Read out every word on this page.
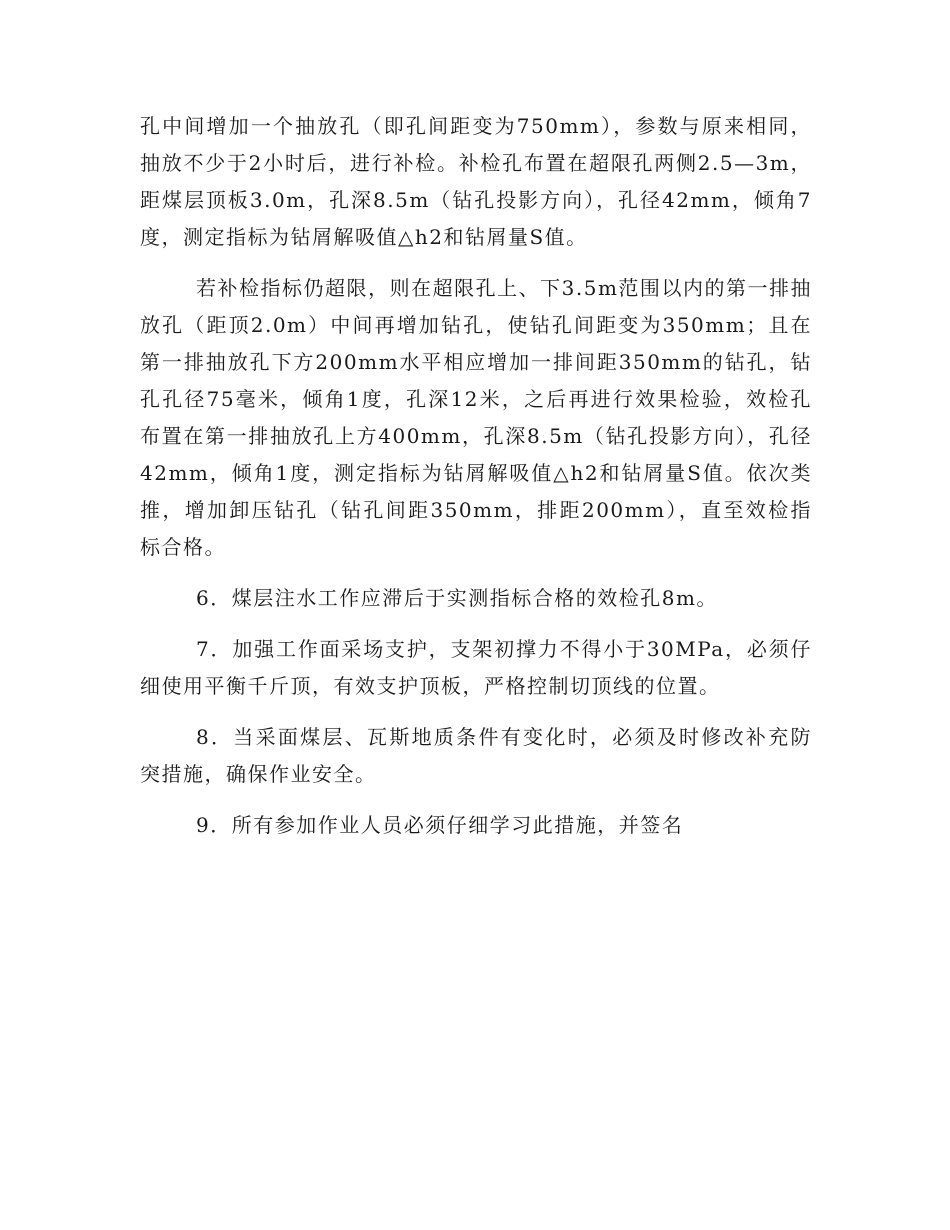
孔中间增加一个抽放孔（即孔间距变为750mm），参数与原来相同，抽放不少于2小时后，进行补检。补检孔布置在超限孔两侧2.5—3m，距煤层顶板3.0m，孔深8.5m（钻孔投影方向），孔径42mm，倾角7度，测定指标为钻屑解吸值△h2和钻屑量S值。

若补检指标仍超限，则在超限孔上、下3.5m范围以内的第一排抽放孔（距顶2.0m）中间再增加钻孔，使钻孔间距变为350mm；且在第一排抽放孔下方200mm水平相应增加一排间距350mm的钻孔，钻孔孔径75毫米，倾角1度，孔深12米，之后再进行效果检验，效检孔布置在第一排抽放孔上方400mm，孔深8.5m（钻孔投影方向），孔径42mm，倾角1度，测定指标为钻屑解吸值△h2和钻屑量S值。依次类推，增加卸压钻孔（钻孔间距350mm，排距200mm），直至效检指标合格。

6．煤层注水工作应滞后于实测指标合格的效检孔8m。

7．加强工作面采场支护，支架初撑力不得小于30MPa，必须仔细使用平衡千斤顶，有效支护顶板，严格控制切顶线的位置。

8．当采面煤层、瓦斯地质条件有变化时，必须及时修改补充防突措施，确保作业安全。

9．所有参加作业人员必须仔细学习此措施，并签名
